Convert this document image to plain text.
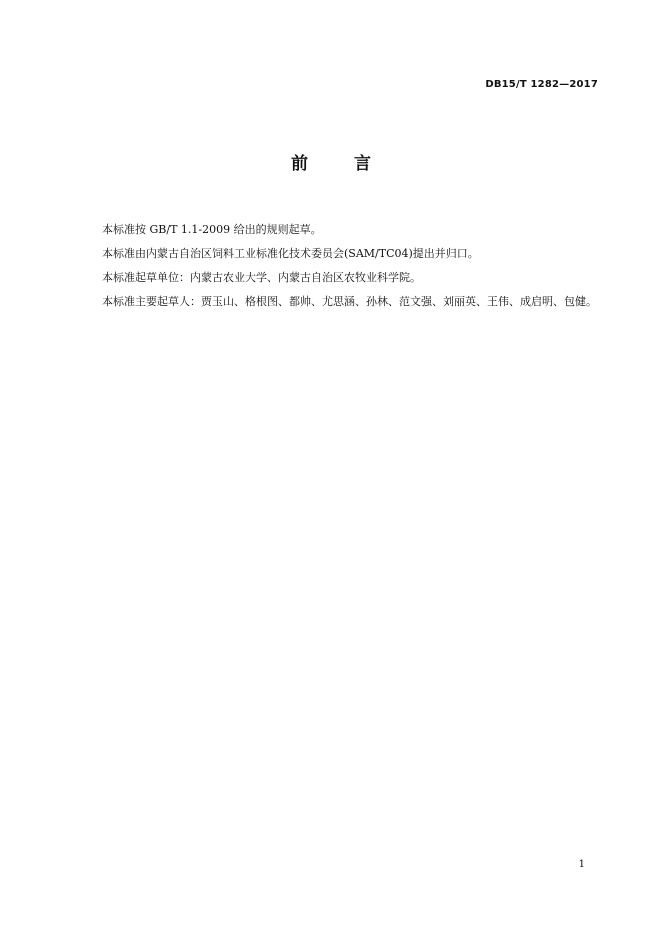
DB15/T 1282—2017
前	言

本标准按 GB/T 1.1-2009 给出的规则起草。

本标准由内蒙古自治区饲料工业标准化技术委员会(SAM/TC04)提出并归口。

本标准起草单位：内蒙古农业大学、内蒙古自治区农牧业科学院。

本标准主要起草人：贾玉山、格根图、都帅、尤思涵、孙林、范文强、刘丽英、王伟、成启明、包健。

1
